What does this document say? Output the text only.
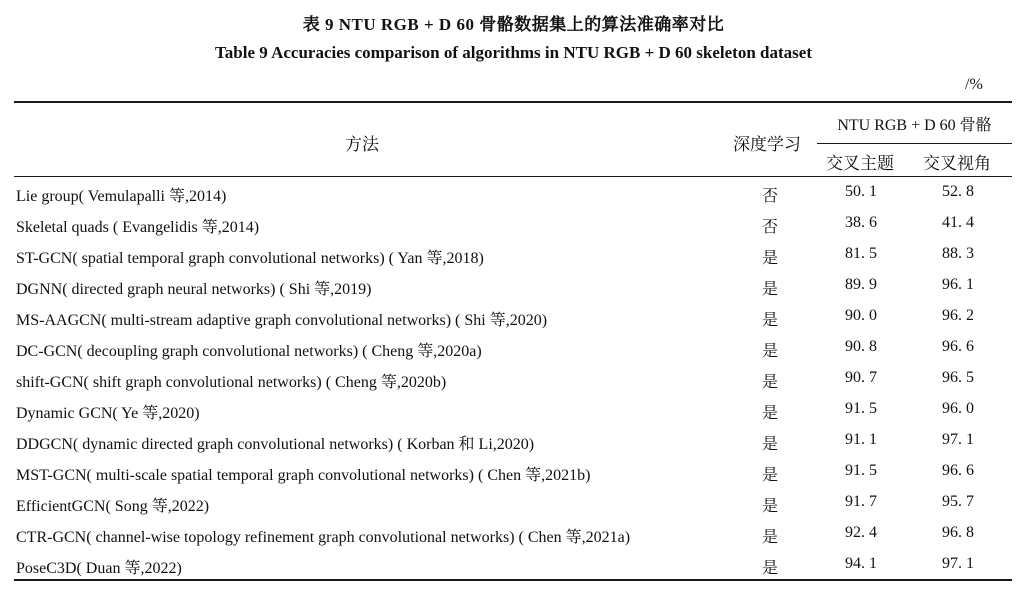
表 9 NTU RGB + D 60 骨骼数据集上的算法准确率对比
Table 9 Accuracies comparison of algorithms in NTU RGB + D 60 skeleton dataset
/%
方法	深度学习
NTU RGB + D 60 骨骼
交叉主题 交叉视角
Lie group( Vemulapalli 等,2014)	否	50. 1	52. 8
Skeletal quads ( Evangelidis 等,2014)	否	38. 6	41. 4
ST-GCN( spatial temporal graph convolutional networks) ( Yan 等,2018)	是	81. 5	88. 3
DGNN( directed graph neural networks) ( Shi 等,2019)	是	89. 9	96. 1
MS-AAGCN( multi-stream adaptive graph convolutional networks) ( Shi 等,2020)	是	90. 0	96. 2
DC-GCN( decoupling graph convolutional networks) ( Cheng 等,2020a)	是	90. 8	96. 6
shift-GCN( shift graph convolutional networks) ( Cheng 等,2020b)	是	90. 7	96. 5
Dynamic GCN( Ye 等,2020)	是	91. 5	96. 0
DDGCN( dynamic directed graph convolutional networks) ( Korban 和 Li,2020)	是	91. 1	97. 1
MST-GCN( multi-scale spatial temporal graph convolutional networks) ( Chen 等,2021b)	是	91. 5	96. 6
EfficientGCN( Song 等,2022)	是	91. 7	95. 7
CTR-GCN( channel-wise topology refinement graph convolutional networks) ( Chen 等,2021a)	是	92. 4	96. 8
PoseC3D( Duan 等,2022)	是	94. 1	97. 1
